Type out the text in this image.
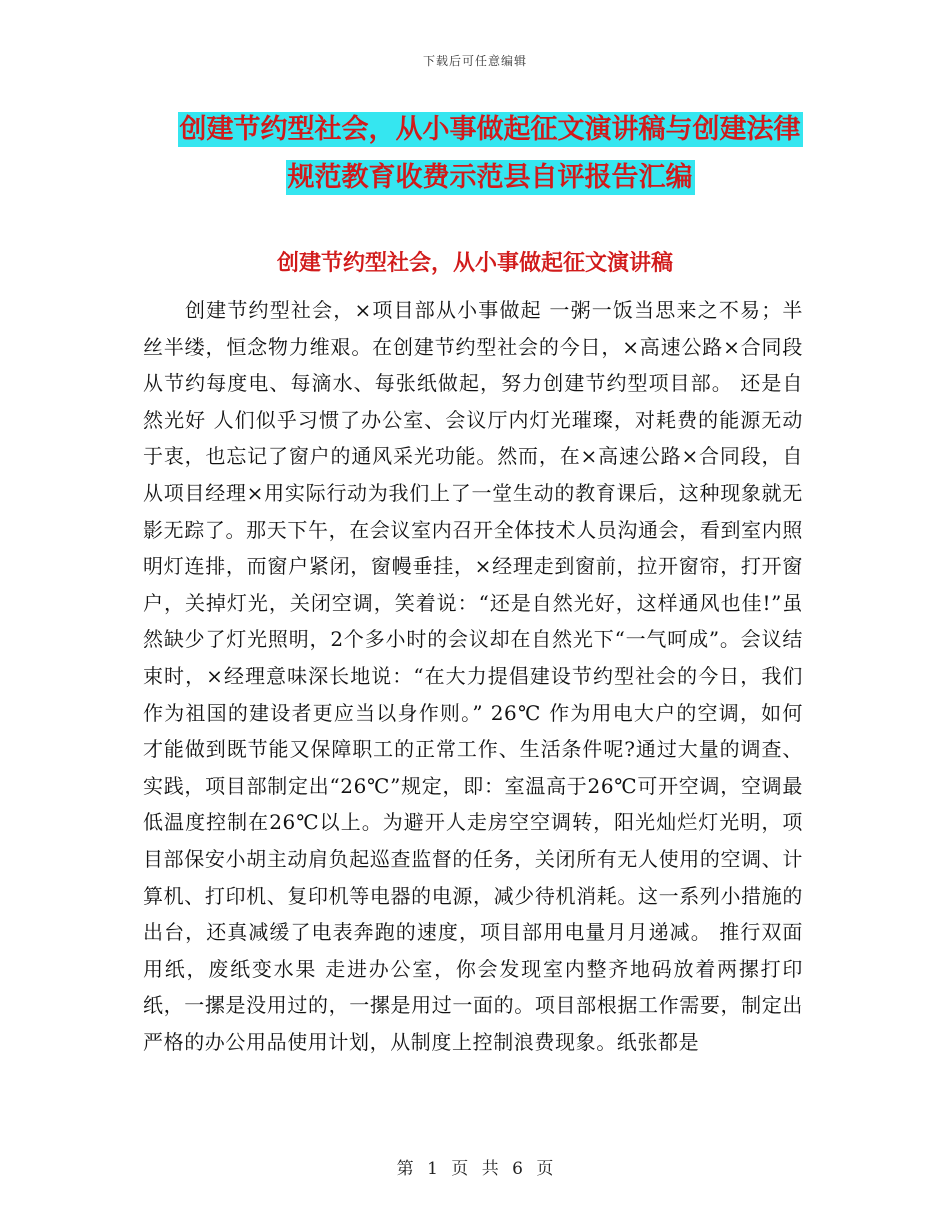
下载后可任意编辑
创建节约型社会，从小事做起征文演讲稿与创建法律
规范教育收费示范县自评报告汇编
创建节约型社会，从小事做起征文演讲稿

创建节约型社会，×项目部从小事做起 一粥一饭当思来之不易；半丝半缕，恒念物力维艰。在创建节约型社会的今日，×高速公路×合同段从节约每度电、每滴水、每张纸做起，努力创建节约型项目部。 还是自然光好 人们似乎习惯了办公室、会议厅内灯光璀璨，对耗费的能源无动于衷，也忘记了窗户的通风采光功能。然而，在×高速公路×合同段，自从项目经理×用实际行动为我们上了一堂生动的教育课后，这种现象就无影无踪了。那天下午，在会议室内召开全体技术人员沟通会，看到室内照明灯连排，而窗户紧闭，窗幔垂挂，×经理走到窗前，拉开窗帘，打开窗户，关掉灯光，关闭空调，笑着说：“还是自然光好，这样通风也佳!”虽然缺少了灯光照明，2个多小时的会议却在自然光下“一气呵成”。会议结束时，×经理意味深长地说：“在大力提倡建设节约型社会的今日，我们作为祖国的建设者更应当以身作则。” 26℃ 作为用电大户的空调，如何才能做到既节能又保障职工的正常工作、生活条件呢?通过大量的调查、实践，项目部制定出“26℃”规定，即：室温高于26℃可开空调，空调最低温度控制在26℃以上。为避开人走房空空调转，阳光灿烂灯光明，项目部保安小胡主动肩负起巡查监督的任务，关闭所有无人使用的空调、计算机、打印机、复印机等电器的电源，减少待机消耗。这一系列小措施的出台，还真减缓了电表奔跑的速度，项目部用电量月月递减。 推行双面用纸，废纸变水果 走进办公室，你会发现室内整齐地码放着两摞打印纸，一摞是没用过的，一摞是用过一面的。项目部根据工作需要，制定出严格的办公用品使用计划，从制度上控制浪费现象。纸张都是

第 1 页 共 6 页
